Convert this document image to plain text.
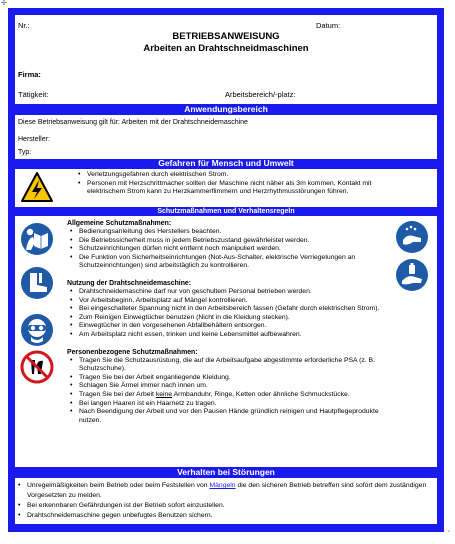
✢
Nr.:	Datum:
BETRIEBSANWEISUNG
Arbeiten an Drahtschneidmaschinen
Firma:
Tätigkeit:	Arbeitsbereich/-platz:
Anwendungsbereich
Diese Betriebsanweisung gilt für: Arbeiten mit der Drahtschneidemaschine
Hersteller:
Typ:
Gefahren für Mensch und Umwelt
• Verletzungsgefahren durch elektrischen Strom.
• Personen mit Herzschrittmacher sollten der Maschine nicht näher als 3m kommen, Kontakt mit elektrischem Strom kann zu Herzkammerflimmern und Herzrhythmusstörungen führen.
Schutzmaßnahmen und Verhaltensregeln
Allgemeine Schutzmaßnahmen:
• Bedienungsanleitung des Herstellers beachten.
• Die Betriebssicherheit muss in jedem Betriebszustand gewährleistet werden.
• Schutzeinrichtungen dürfen nicht entfernt noch manipuliert werden.
• Die Funktion von Sicherheitseinrichtungen (Not-Aus-Schalter, elektrische Verriegelungen an Schutzeinrichtungen) sind arbeitstäglich zu kontrollieren.
Nutzung der Drahtschneidemaschine:
• Drahtschneidemaschine darf nur von geschultem Personal betrieben werden.
• Vor Arbeitsbeginn, Arbeitsplatz auf Mängel kontrollieren.
• Bei eingeschalteter Spannung nicht in den Arbeitsbereich fassen (Gefahr durch elektrischen Strom).
• Zum Reinigen Einwegtücher benutzen (Nicht in die Kleidung stecken).
• Einwegtücher in den vorgesehenen Abfallbehältern entsorgen.
• Am Arbeitsplatz nicht essen, trinken und keine Lebensmittel aufbewahren.
Personenbezogene Schutzmaßnahmen:
• Tragen Sie die Schutzausrüstung, die auf die Arbeitsaufgabe abgestimmte erforderliche PSA (z. B. Schutzschuhe).
• Tragen Sie bei der Arbeit enganliegende Kleidung.
• Schlagen Sie Ärmel immer nach innen um.
• Tragen Sie bei der Arbeit keine Armbanduhr, Ringe, Ketten oder ähnliche Schmuckstücke.
• Bei langen Haaren ist ein Haarnetz zu tragen.
• Nach Beendigung der Arbeit und vor den Pausen Hände gründlich reinigen und Hautpflegeprodukte nutzen.
Verhalten bei Störungen
• Unregelmäßigkeiten beim Betrieb oder beim Feststellen von Mängeln die den sicheren Betrieb betreffen sind sofort dem zuständigen Vorgesetzten zu melden.
• Bei erkennbaren Gefährdungen ist der Betrieb sofort einzustellen.
• Drahtschneidemaschine gegen unbefugtes Benutzen sichern.
▫
